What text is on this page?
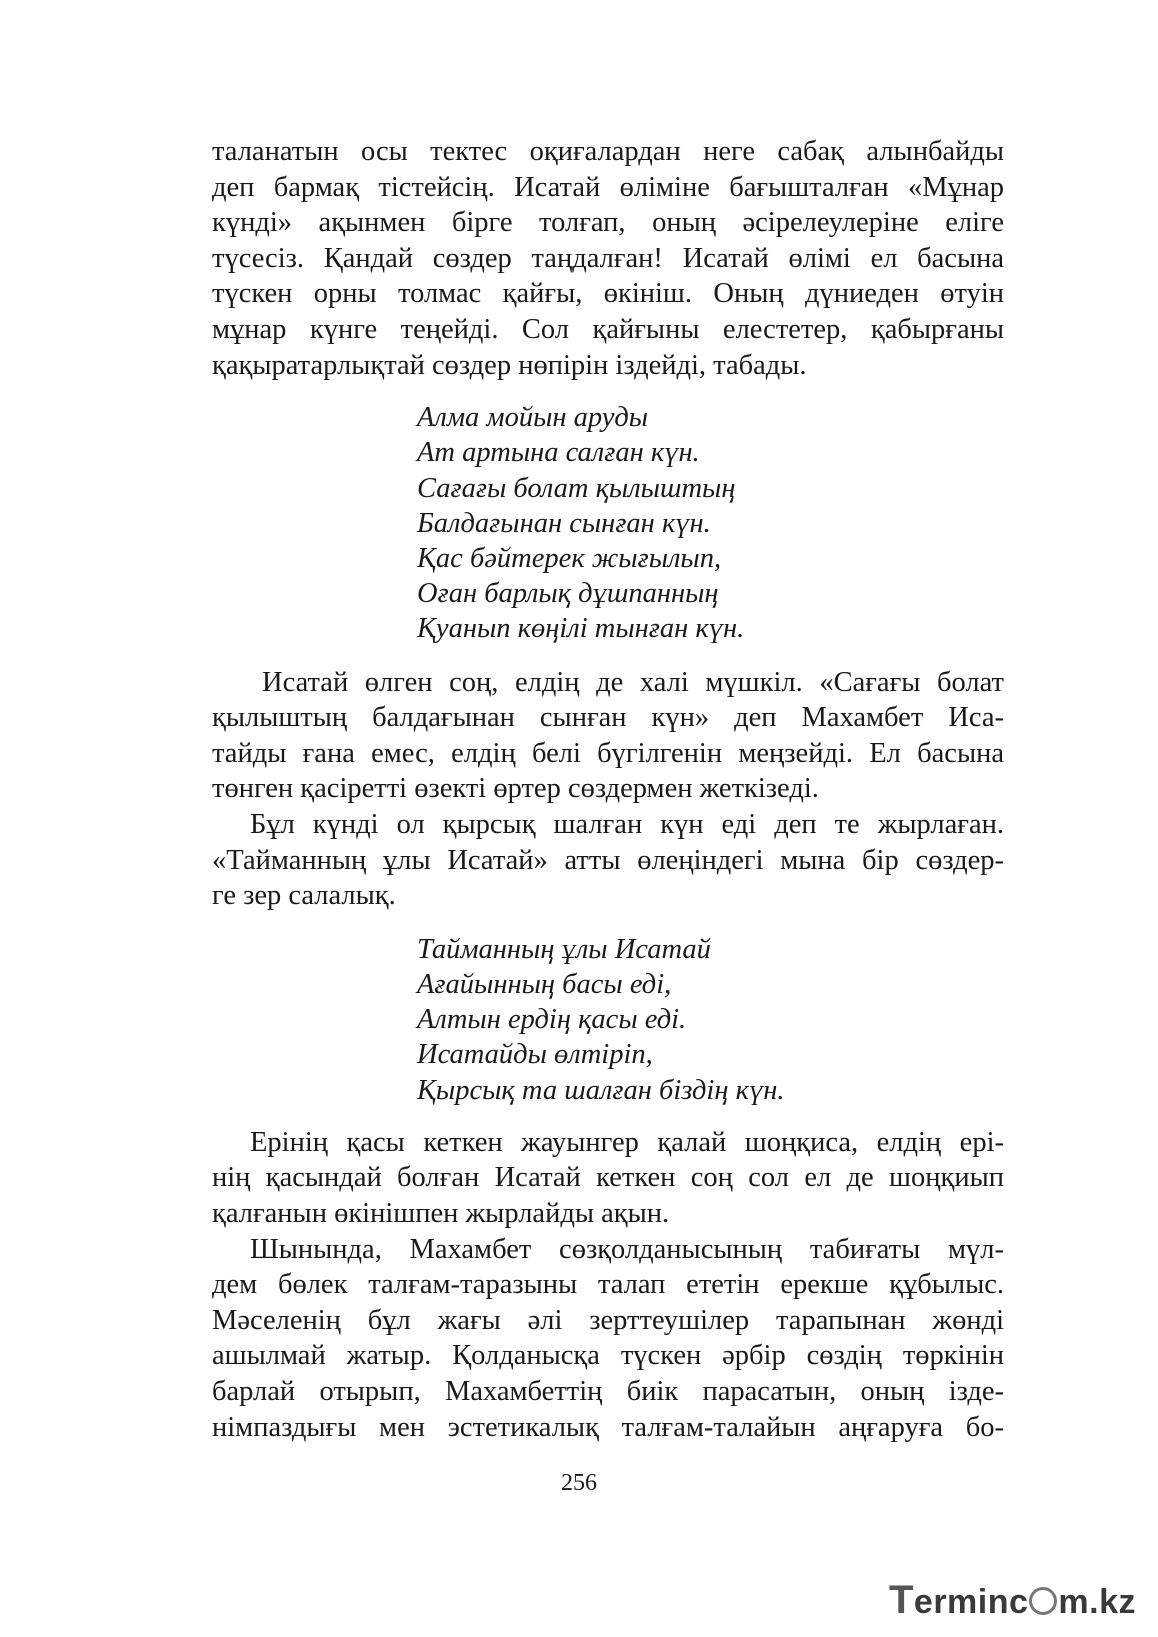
таланатын осы тектес оқиғалардан неге сабақ алынбайды
деп бармақ тістейсің. Исатай өліміне бағышталған «Мұнар
күнді» ақынмен бірге толғап, оның әсірелеулеріне еліге
түсесіз. Қандай сөздер таңдалған! Исатай өлімі ел басына
түскен орны толмас қайғы, өкініш. Оның дүниеден өтуін
мұнар күнге теңейді. Сол қайғыны елестетер, қабырғаны
қақыратарлықтай сөздер нөпірін іздейді, табады.
Алма мойын аруды
Ат артына салған күн.
Сағағы болат қылыштың
Балдағынан сынған күн.
Қас бәйтерек жығылып,
Оған барлық дұшпанның
Қуанып көңілі тынған күн.
Исатай өлген соң, елдің де халі мүшкіл. «Сағағы болат
қылыштың балдағынан сынған күн» деп Махамбет Иса-
тайды ғана емес, елдің белі бүгілгенін меңзейді. Ел басына
төнген қасіретті өзекті өртер сөздермен жеткізеді.
Бұл күнді ол қырсық шалған күн еді деп те жырлаған.
«Тайманның ұлы Исатай» атты өлеңіндегі мына бір сөздер-
ге зер салалық.
Тайманның ұлы Исатай
Ағайынның басы еді,
Алтын ердің қасы еді.
Исатайды өлтіріп,
Қырсық та шалған біздің күн.
Ерінің қасы кеткен жауынгер қалай шоңқиса, елдің ері-
нің қасындай болған Исатай кеткен соң сол ел де шоңқиып
қалғанын өкінішпен жырлайды ақын.
Шынында, Махамбет сөзқолданысының табиғаты мүл-
дем бөлек талғам-таразыны талап ететін ерекше құбылыс.
Мәселенің бұл жағы әлі зерттеушілер тарапынан жөнді
ашылмай жатыр. Қолданысқа түскен әрбір сөздің төркінін
барлай отырып, Махамбеттің биік парасатын, оның ізде-
німпаздығы мен эстетикалық талғам-талайын аңғаруға бо-
256
Terminc m.kz
